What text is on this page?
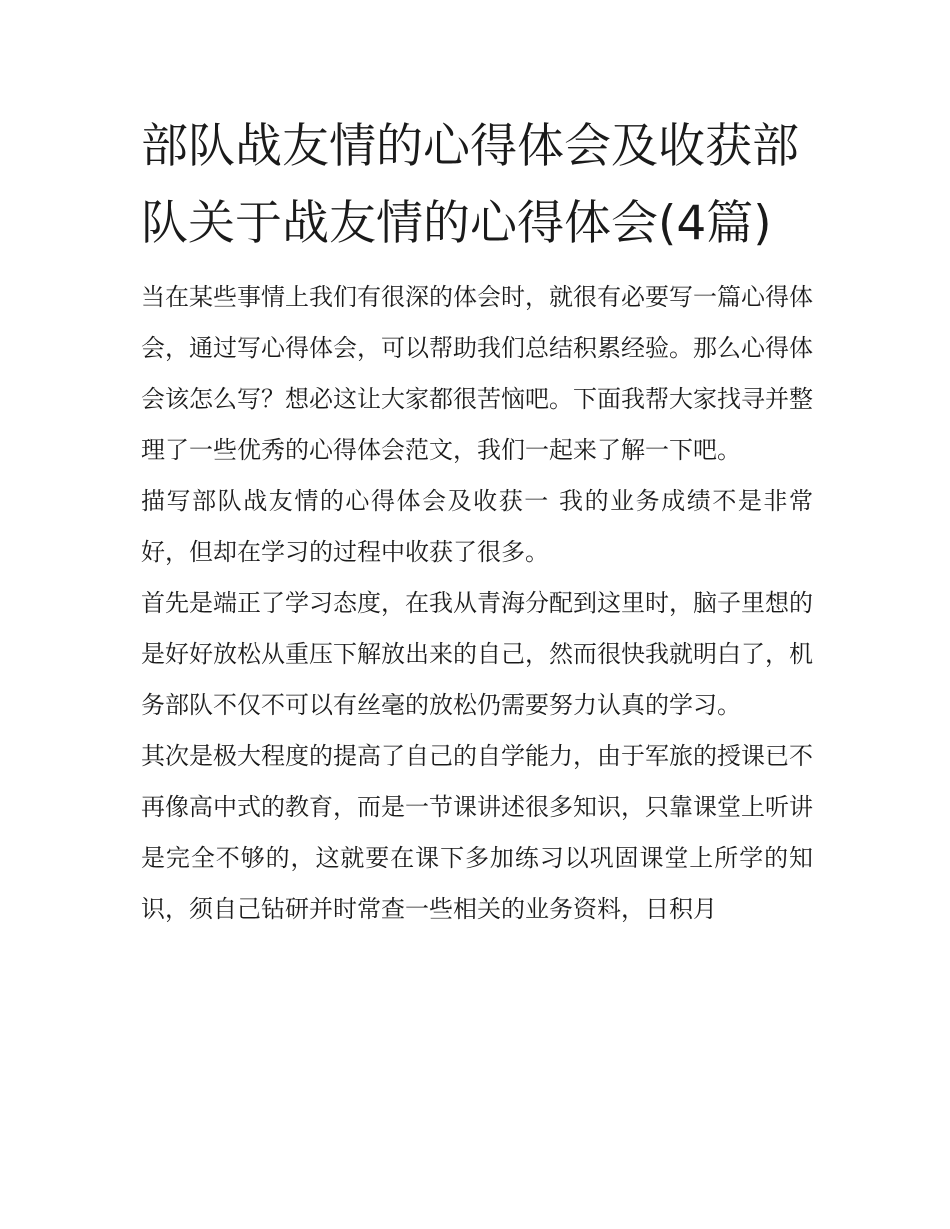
部队战友情的心得体会及收获部队关于战友情的心得体会(4篇)

当在某些事情上我们有很深的体会时，就很有必要写一篇心得体会，通过写心得体会，可以帮助我们总结积累经验。那么心得体会该怎么写？想必这让大家都很苦恼吧。下面我帮大家找寻并整理了一些优秀的心得体会范文，我们一起来了解一下吧。

描写部队战友情的心得体会及收获一 我的业务成绩不是非常好，但却在学习的过程中收获了很多。

首先是端正了学习态度，在我从青海分配到这里时，脑子里想的是好好放松从重压下解放出来的自己，然而很快我就明白了，机务部队不仅不可以有丝毫的放松仍需要努力认真的学习。

其次是极大程度的提高了自己的自学能力，由于军旅的授课已不再像高中式的教育，而是一节课讲述很多知识，只靠课堂上听讲是完全不够的，这就要在课下多加练习以巩固课堂上所学的知识，须自己钻研并时常查一些相关的业务资料，日积月
